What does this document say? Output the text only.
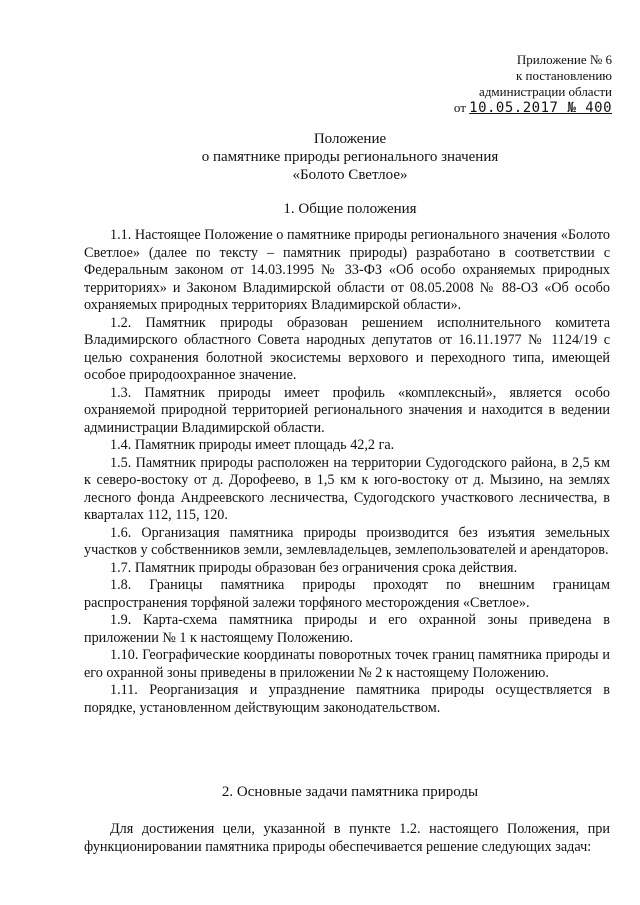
Приложение № 6
к постановлению
администрации области
от 10.05.2017 № 400
Положение
о памятнике природы регионального значения
«Болото Светлое»
1. Общие положения

1.1. Настоящее Положение о памятнике природы регионального значения «Болото Светлое» (далее по тексту – памятник природы) разработано в соответствии с Федеральным законом от 14.03.1995 № 33-ФЗ «Об особо охраняемых природных территориях» и Законом Владимирской области от 08.05.2008 № 88-ОЗ «Об особо охраняемых природных территориях Владимирской области».

1.2. Памятник природы образован решением исполнительного комитета Владимирского областного Совета народных депутатов от 16.11.1977 № 1124/19 с целью сохранения болотной экосистемы верхового и переходного типа, имеющей особое природоохранное значение.

1.3. Памятник природы имеет профиль «комплексный», является особо охраняемой природной территорией регионального значения и находится в ведении администрации Владимирской области.

1.4. Памятник природы имеет площадь 42,2 га.

1.5. Памятник природы расположен на территории Судогодского района, в 2,5 км к северо-востоку от д. Дорофеево, в 1,5 км к юго-востоку от д. Мызино, на землях лесного фонда Андреевского лесничества, Судогодского участкового лесничества, в кварталах 112, 115, 120.

1.6. Организация памятника природы производится без изъятия земельных участков у собственников земли, землевладельцев, землепользователей и арендаторов.

1.7. Памятник природы образован без ограничения срока действия.

1.8. Границы памятника природы проходят по внешним границам распространения торфяной залежи торфяного месторождения «Светлое».

1.9. Карта-схема памятника природы и его охранной зоны приведена в приложении № 1 к настоящему Положению.

1.10. Географические координаты поворотных точек границ памятника природы и его охранной зоны приведены в приложении № 2 к настоящему Положению.

1.11. Реорганизация и упразднение памятника природы осуществляется в порядке, установленном действующим законодательством.

2. Основные задачи памятника природы

Для достижения цели, указанной в пункте 1.2. настоящего Положения, при функционировании памятника природы обеспечивается решение следующих задач:
